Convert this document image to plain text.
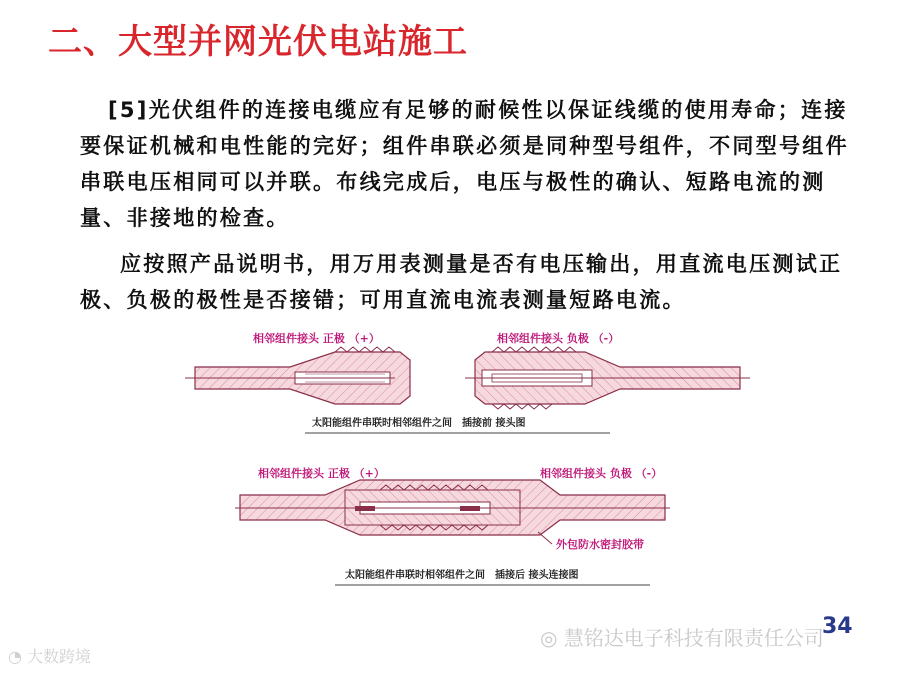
二、大型并网光伏电站施工

[5]光伏组件的连接电缆应有足够的耐候性以保证线缆的使用寿命；连接要保证机械和电性能的完好；组件串联必须是同种型号组件，不同型号组件串联电压相同可以并联。布线完成后，电压与极性的确认、短路电流的测量、非接地的检查。

应按照产品说明书，用万用表测量是否有电压输出，用直流电压测试正极、负极的极性是否接错；可用直流电流表测量短路电流。

相邻组件接头 正极 （+）	相邻组件接头 负极 （-）
太阳能组件串联时相邻组件之间　插接前 接头图
相邻组件接头 正极 （+）	相邻组件接头 负极 （-）
外包防水密封胶带
太阳能组件串联时相邻组件之间　插接后 接头连接图
34
◎ 慧铭达电子科技有限责任公司
◔ 大数跨境
